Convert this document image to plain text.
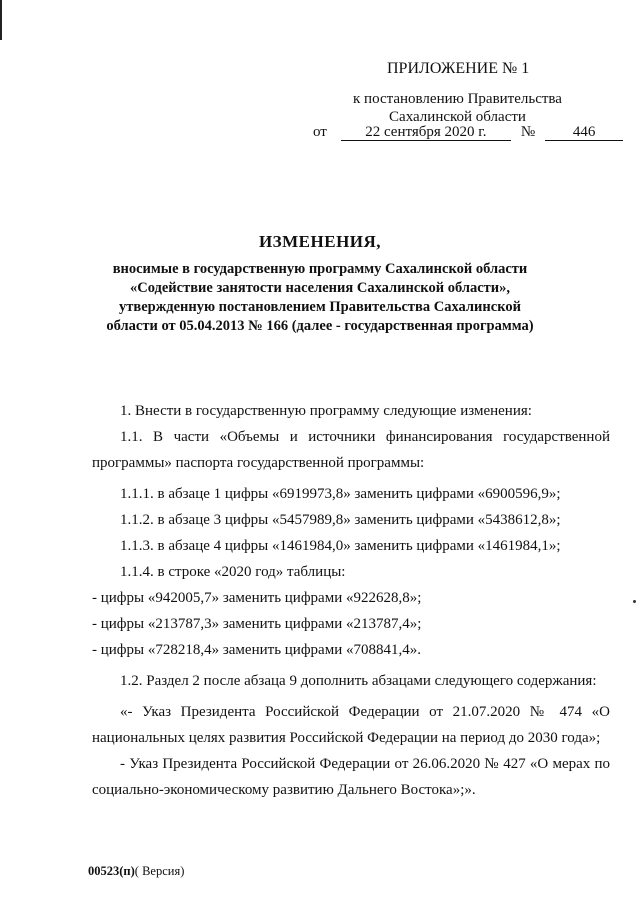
ПРИЛОЖЕНИЕ № 1
к постановлению Правительства
Сахалинской области
от	22 сентября 2020 г. №	446
ИЗМЕНЕНИЯ,
вносимые в государственную программу Сахалинской области
«Содействие занятости населения Сахалинской области»,
утвержденную постановлением Правительства Сахалинской
области от 05.04.2013 № 166 (далее - государственная программа)
1. Внести в государственную программу следующие изменения:
1.1. В части «Объемы и источники финансирования государственной программы» паспорта государственной программы:
1.1.1. в абзаце 1 цифры «6919973,8» заменить цифрами «6900596,9»;
1.1.2. в абзаце 3 цифры «5457989,8» заменить цифрами «5438612,8»;
1.1.3. в абзаце 4 цифры «1461984,0» заменить цифрами «1461984,1»;
1.1.4. в строке «2020 год» таблицы:
- цифры «942005,7» заменить цифрами «922628,8»;
- цифры «213787,3» заменить цифрами «213787,4»;
- цифры «728218,4» заменить цифрами «708841,4».
1.2. Раздел 2 после абзаца 9 дополнить абзацами следующего содержания:
«- Указ Президента Российской Федерации от 21.07.2020 № 474 «О национальных целях развития Российской Федерации на период до 2030 года»;
- Указ Президента Российской Федерации от 26.06.2020 № 427 «О мерах по социально-экономическому развитию Дальнего Востока»;».
00523(п)( Версия)
